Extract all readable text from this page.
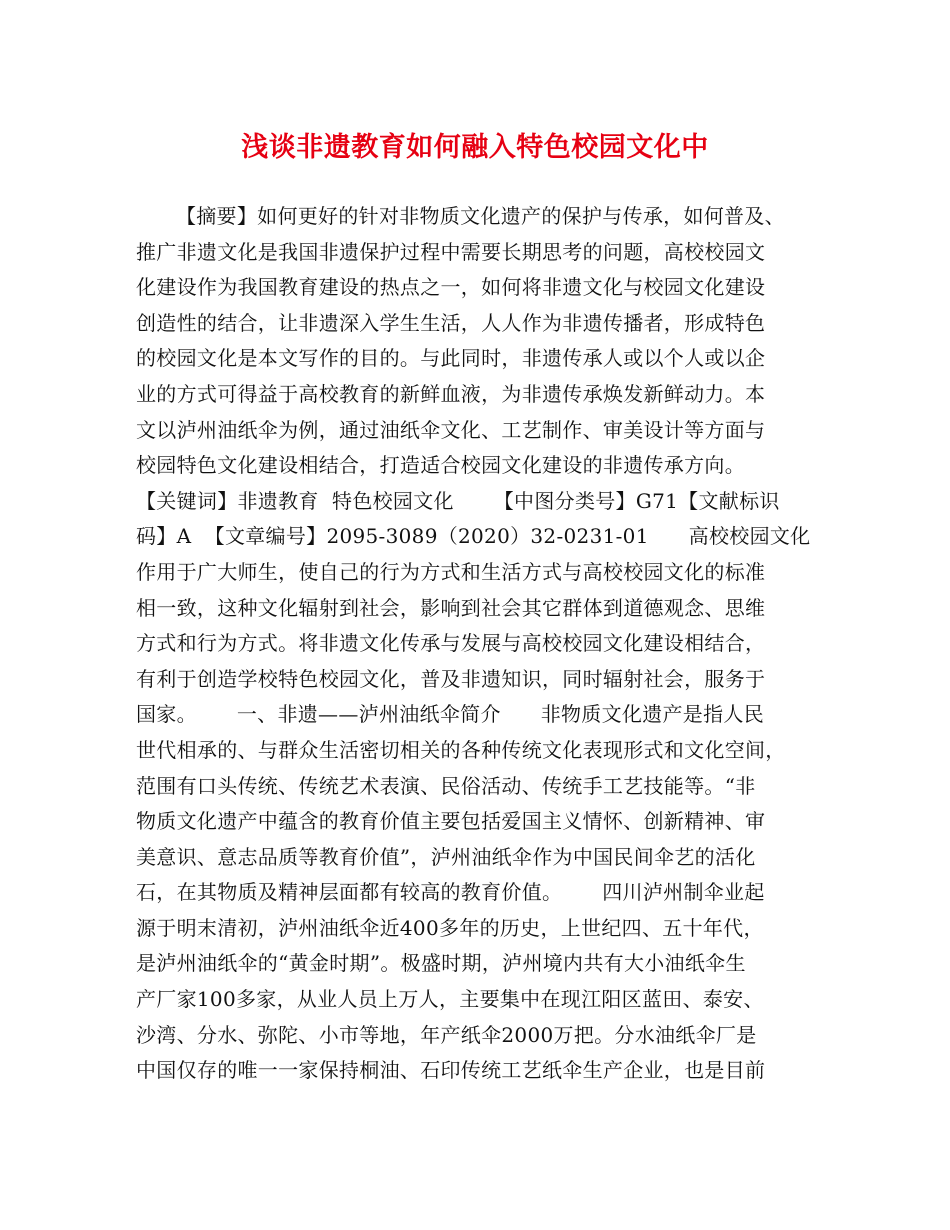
浅谈非遗教育如何融入特色校园文化中
【摘要】如何更好的针对非物质文化遗产的保护与传承，如何普及、
推广非遗文化是我国非遗保护过程中需要长期思考的问题，高校校园文
化建设作为我国教育建设的热点之一，如何将非遗文化与校园文化建设
创造性的结合，让非遗深入学生生活，人人作为非遗传播者，形成特色
的校园文化是本文写作的目的。与此同时，非遗传承人或以个人或以企
业的方式可得益于高校教育的新鲜血液，为非遗传承焕发新鲜动力。本
文以泸州油纸伞为例，通过油纸伞文化、工艺制作、审美设计等方面与
校园特色文化建设相结合，打造适合校园文化建设的非遗传承方向。
【关键词】非遗教育  特色校园文化      【中图分类号】G71【文献标识
码】A  【文章编号】2095-3089（2020）32-0231-01      高校校园文化
作用于广大师生，使自己的行为方式和生活方式与高校校园文化的标准
相一致，这种文化辐射到社会，影响到社会其它群体到道德观念、思维
方式和行为方式。将非遗文化传承与发展与高校校园文化建设相结合，
有利于创造学校特色校园文化，普及非遗知识，同时辐射社会，服务于
国家。      一、非遗——泸州油纸伞简介      非物质文化遗产是指人民
世代相承的、与群众生活密切相关的各种传统文化表现形式和文化空间，
范围有口头传统、传统艺术表演、民俗活动、传统手工艺技能等。“非
物质文化遗产中蕴含的教育价值主要包括爱国主义情怀、创新精神、审
美意识、意志品质等教育价值”，泸州油纸伞作为中国民间伞艺的活化
石，在其物质及精神层面都有较高的教育价值。      四川泸州制伞业起
源于明末清初，泸州油纸伞近400多年的历史，上世纪四、五十年代，
是泸州油纸伞的“黄金时期”。极盛时期，泸州境内共有大小油纸伞生
产厂家100多家，从业人员上万人，主要集中在现江阳区蓝田、泰安、
沙湾、分水、弥陀、小市等地，年产纸伞2000万把。分水油纸伞厂是
中国仅存的唯一一家保持桐油、石印传统工艺纸伞生产企业，也是目前
